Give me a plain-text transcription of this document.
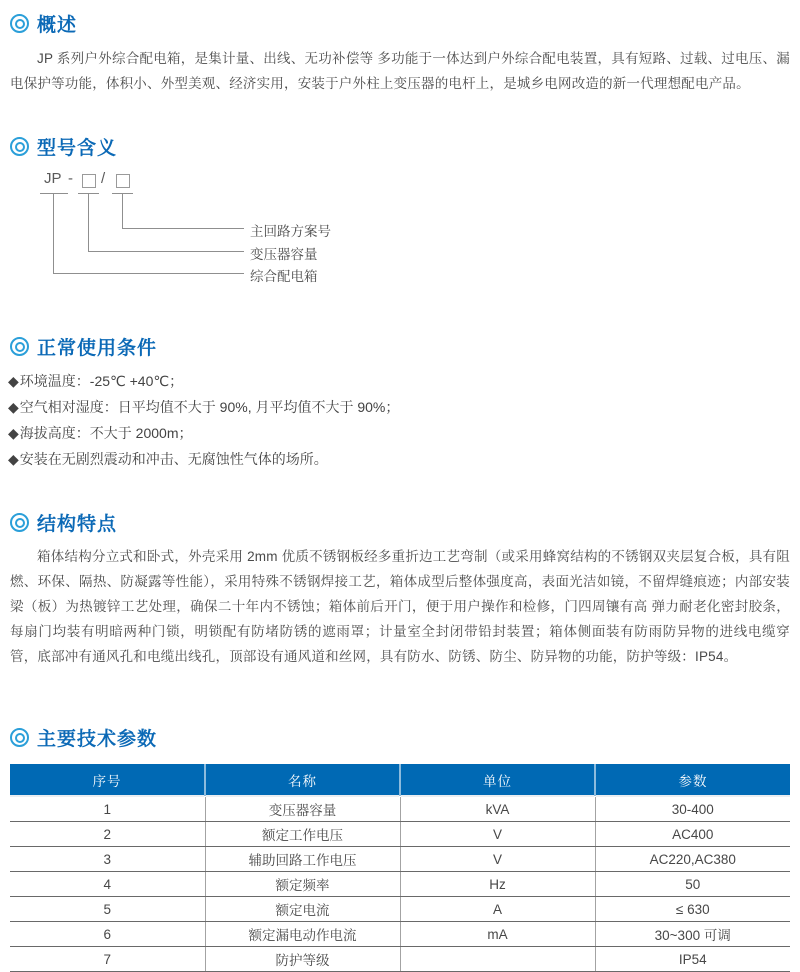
概述
JP 系列户外综合配电箱，是集计量、出线、无功补偿等 多功能于一体达到户外综合配电装置，具有短路、过载、过电压、漏电保护等功能，体积小、外型美观、经济实用，安装于户外柱上变压器的电杆上，是城乡电网改造的新一代理想配电产品。
型号含义
JP - /
主回路方案号
变压器容量
综合配电箱
正常使用条件
◆环境温度：-25℃ +40℃；
◆空气相对湿度：日平均值不大于 90%, 月平均值不大于 90%；
◆海拔高度：不大于 2000m；
◆安装在无剧烈震动和冲击、无腐蚀性气体的场所。
结构特点
箱体结构分立式和卧式，外壳采用 2mm 优质不锈钢板经多重折边工艺弯制（或采用蜂窝结构的不锈钢双夹层复合板，具有阻燃、环保、隔热、防凝露等性能），采用特殊不锈钢焊接工艺，箱体成型后整体强度高，表面光洁如镜，不留焊缝痕迹；内部安装梁（板）为热镀锌工艺处理，确保二十年内不锈蚀；箱体前后开门，便于用户操作和检修，门四周镶有高 弹力耐老化密封胶条，每扇门均装有明暗两种门锁，明锁配有防堵防锈的遮雨罩；计量室全封闭带铅封装置；箱体侧面装有防雨防异物的进线电缆穿管，底部冲有通风孔和电缆出线孔，顶部设有通风道和丝网，具有防水、防锈、防尘、防异物的功能，防护等级：IP54。
主要技术参数
序号	名称	单位	参数
1	变压器容量	kVA	30-400
2	额定工作电压	V	AC400
3	辅助回路工作电压	V	AC220,AC380
4	额定频率	Hz	50
5	额定电流	A	≤ 630
6	额定漏电动作电流	mA	30~300 可调
7	防护等级		IP54
